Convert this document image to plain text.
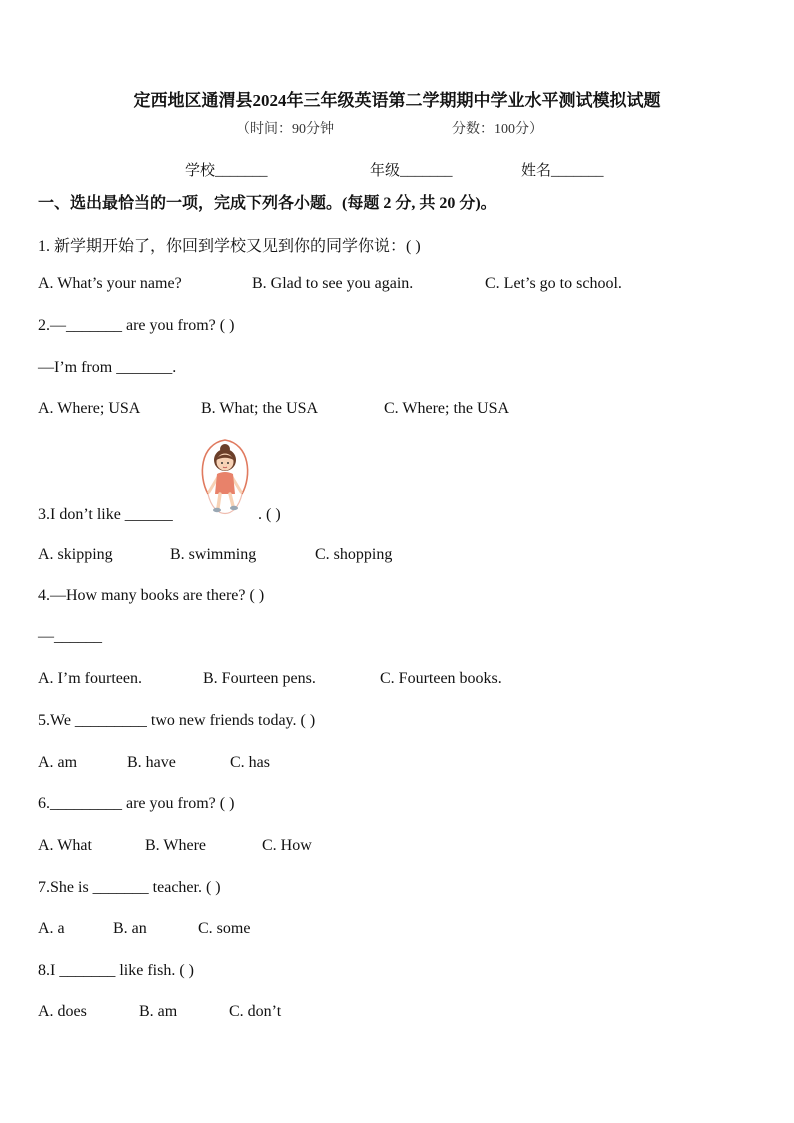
定西地区通渭县2024年三年级英语第二学期期中学业水平测试模拟试题
（时间：90分钟	分数：100分）
学校_______	年级_______	姓名_______
一、选出最恰当的一项，完成下列各小题。(每题 2 分, 共 20 分)。
1. 新学期开始了，你回到学校又见到你的同学你说：( )
A. What’s your name?	B. Glad to see you again.	C. Let’s go to school.
2.—_______ are you from? ( )
—I’m from _______.
A. Where; USA	B. What; the USA	C. Where; the USA
3.I don’t like ______	. ( )
A. skipping	B. swimming	C. shopping
4.—How many books are there? ( )
—______
A. I’m fourteen.	B. Fourteen pens.	C. Fourteen books.
5.We _________ two new friends today. ( )
A. am	B. have	C. has
6._________ are you from? ( )
A. What	B. Where	C. How
7.She is _______ teacher. ( )
A. a	B. an	C. some
8.I _______ like fish. ( )
A. does	B. am	C. don’t
